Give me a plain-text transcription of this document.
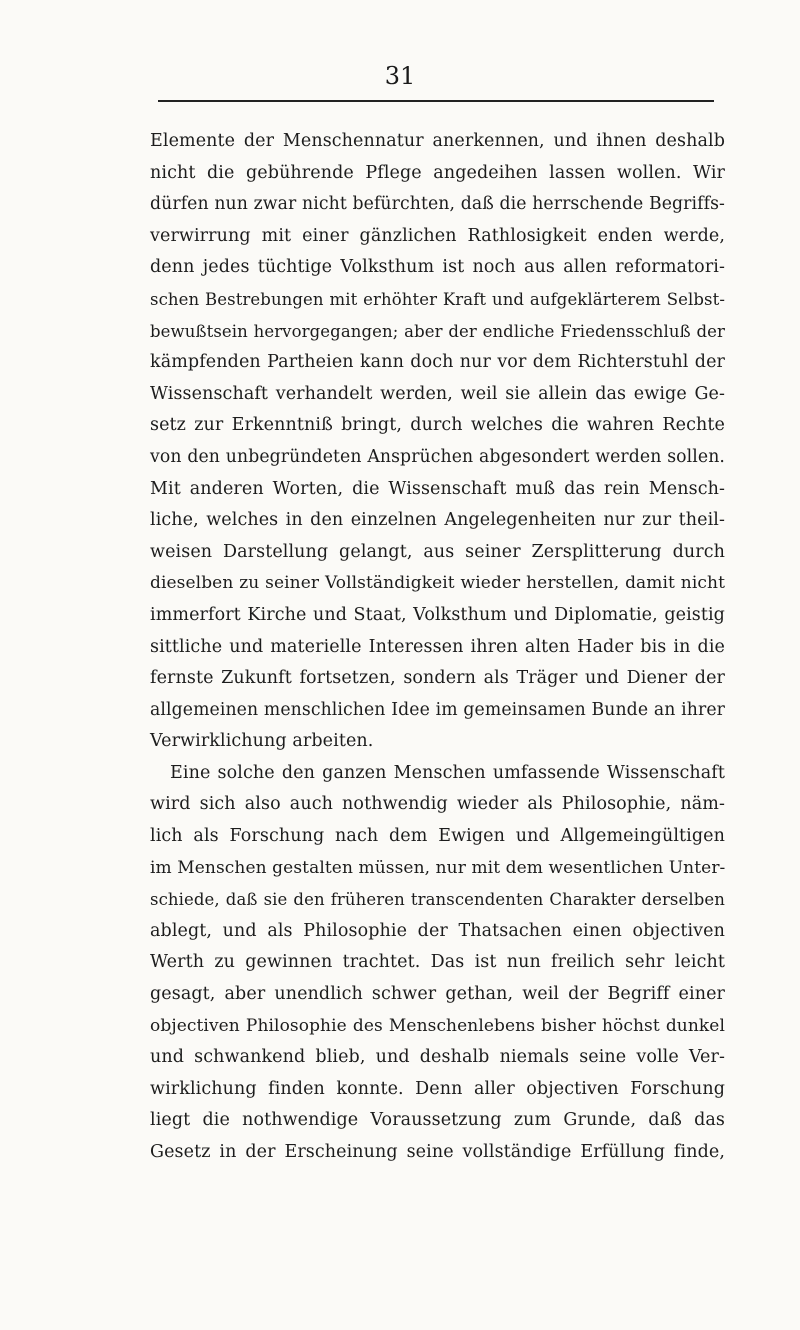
31
Elemente der Menschennatur anerkennen, und ihnen deshalb
nicht die gebührende Pflege angedeihen lassen wollen. Wir
dürfen nun zwar nicht befürchten, daß die herrschende Begriffs-
verwirrung mit einer gänzlichen Rathlosigkeit enden werde,
denn jedes tüchtige Volksthum ist noch aus allen reformatori-
schen Bestrebungen mit erhöhter Kraft und aufgeklärterem Selbst-
bewußtsein hervorgegangen; aber der endliche Friedensschluß der
kämpfenden Partheien kann doch nur vor dem Richterstuhl der
Wissenschaft verhandelt werden, weil sie allein das ewige Ge-
setz zur Erkenntniß bringt, durch welches die wahren Rechte
von den unbegründeten Ansprüchen abgesondert werden sollen.
Mit anderen Worten, die Wissenschaft muß das rein Mensch-
liche, welches in den einzelnen Angelegenheiten nur zur theil-
weisen Darstellung gelangt, aus seiner Zersplitterung durch
dieselben zu seiner Vollständigkeit wieder herstellen, damit nicht
immerfort Kirche und Staat, Volksthum und Diplomatie, geistig
sittliche und materielle Interessen ihren alten Hader bis in die
fernste Zukunft fortsetzen, sondern als Träger und Diener der
allgemeinen menschlichen Idee im gemeinsamen Bunde an ihrer
Verwirklichung arbeiten.
Eine solche den ganzen Menschen umfassende Wissenschaft
wird sich also auch nothwendig wieder als Philosophie, näm-
lich als Forschung nach dem Ewigen und Allgemeingültigen
im Menschen gestalten müssen, nur mit dem wesentlichen Unter-
schiede, daß sie den früheren transcendenten Charakter derselben
ablegt, und als Philosophie der Thatsachen einen objectiven
Werth zu gewinnen trachtet. Das ist nun freilich sehr leicht
gesagt, aber unendlich schwer gethan, weil der Begriff einer
objectiven Philosophie des Menschenlebens bisher höchst dunkel
und schwankend blieb, und deshalb niemals seine volle Ver-
wirklichung finden konnte. Denn aller objectiven Forschung
liegt die nothwendige Voraussetzung zum Grunde, daß das
Gesetz in der Erscheinung seine vollständige Erfüllung finde,
